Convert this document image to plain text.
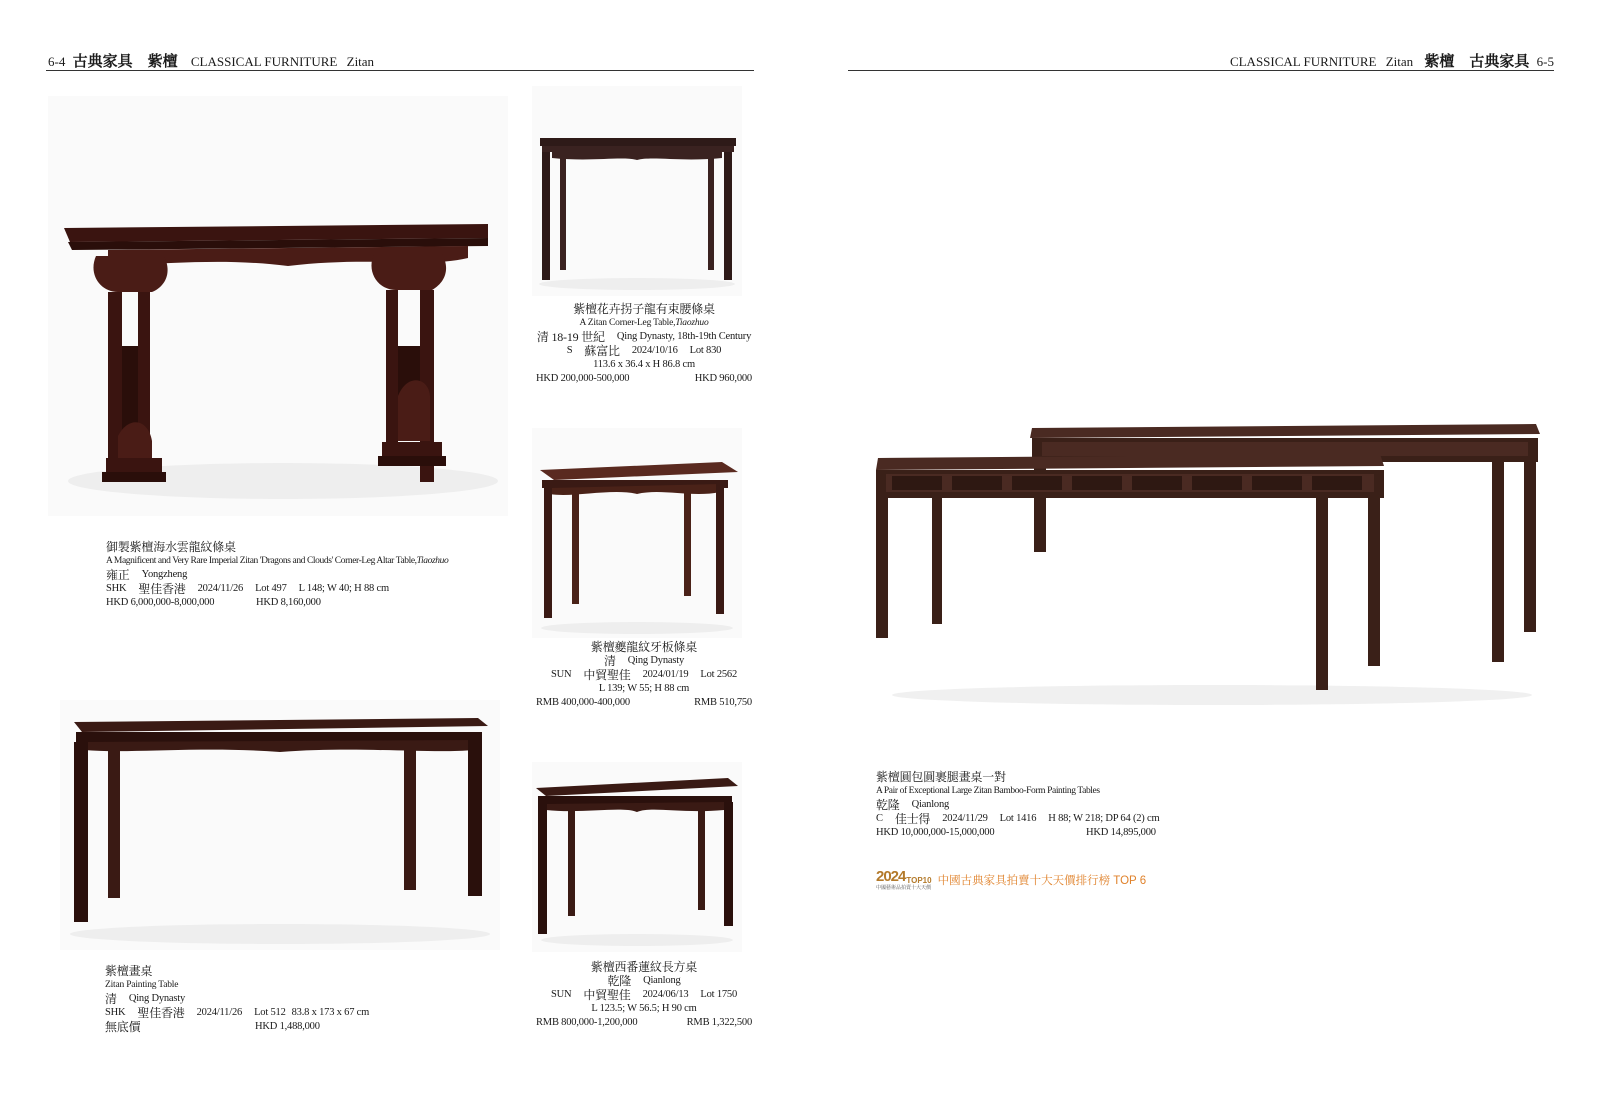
6-4 古典家具　紫檀 CLASSICAL FURNITURE Zitan	CLASSICAL FURNITURE Zitan 紫檀　古典家具 6-5
御製紫檀海水雲龍紋條桌
A Magnificent and Very Rare Imperial Zitan 'Dragons and Clouds' Corner-Leg Altar Table, Tiaozhuo
雍正 Yongzheng
SHK 聖佳香港 2024/11/26 Lot 497 L 148; W 40; H 88 cm
HKD 6,000,000-8,000,000	HKD 8,160,000
紫檀花卉拐子龍有束腰條桌
A Zitan Corner-Leg Table, Tiaozhuo
清 18-19 世紀 Qing Dynasty, 18th-19th Century
S 蘇富比 2024/10/16 Lot 830
113.6 x 36.4 x H 86.8 cm
HKD 200,000-500,000	HKD 960,000
紫檀夔龍紋牙板條桌
清 Qing Dynasty
SUN 中貿聖佳 2024/01/19 Lot 2562
L 139; W 55; H 88 cm
RMB 400,000-400,000	RMB 510,750
紫檀畫桌
Zitan Painting Table
清 Qing Dynasty
SHK 聖佳香港 2024/11/26 Lot 512 83.8 x 173 x 67 cm
無底價	HKD 1,488,000
紫檀西番蓮紋長方桌
乾隆 Qianlong
SUN 中貿聖佳 2024/06/13 Lot 1750
L 123.5; W 56.5; H 90 cm
RMB 800,000-1,200,000	RMB 1,322,500
紫檀圓包圓裹腿畫桌一對
A Pair of Exceptional Large Zitan Bamboo-Form Painting Tables
乾隆 Qianlong
C 佳士得 2024/11/29 Lot 1416 H 88; W 218; DP 64 (2) cm
HKD 10,000,000-15,000,000	HKD 14,895,000
2024 TOP10
中國藝術品拍賣十大天價
中國古典家具拍賣十大天價排行榜 TOP 6
